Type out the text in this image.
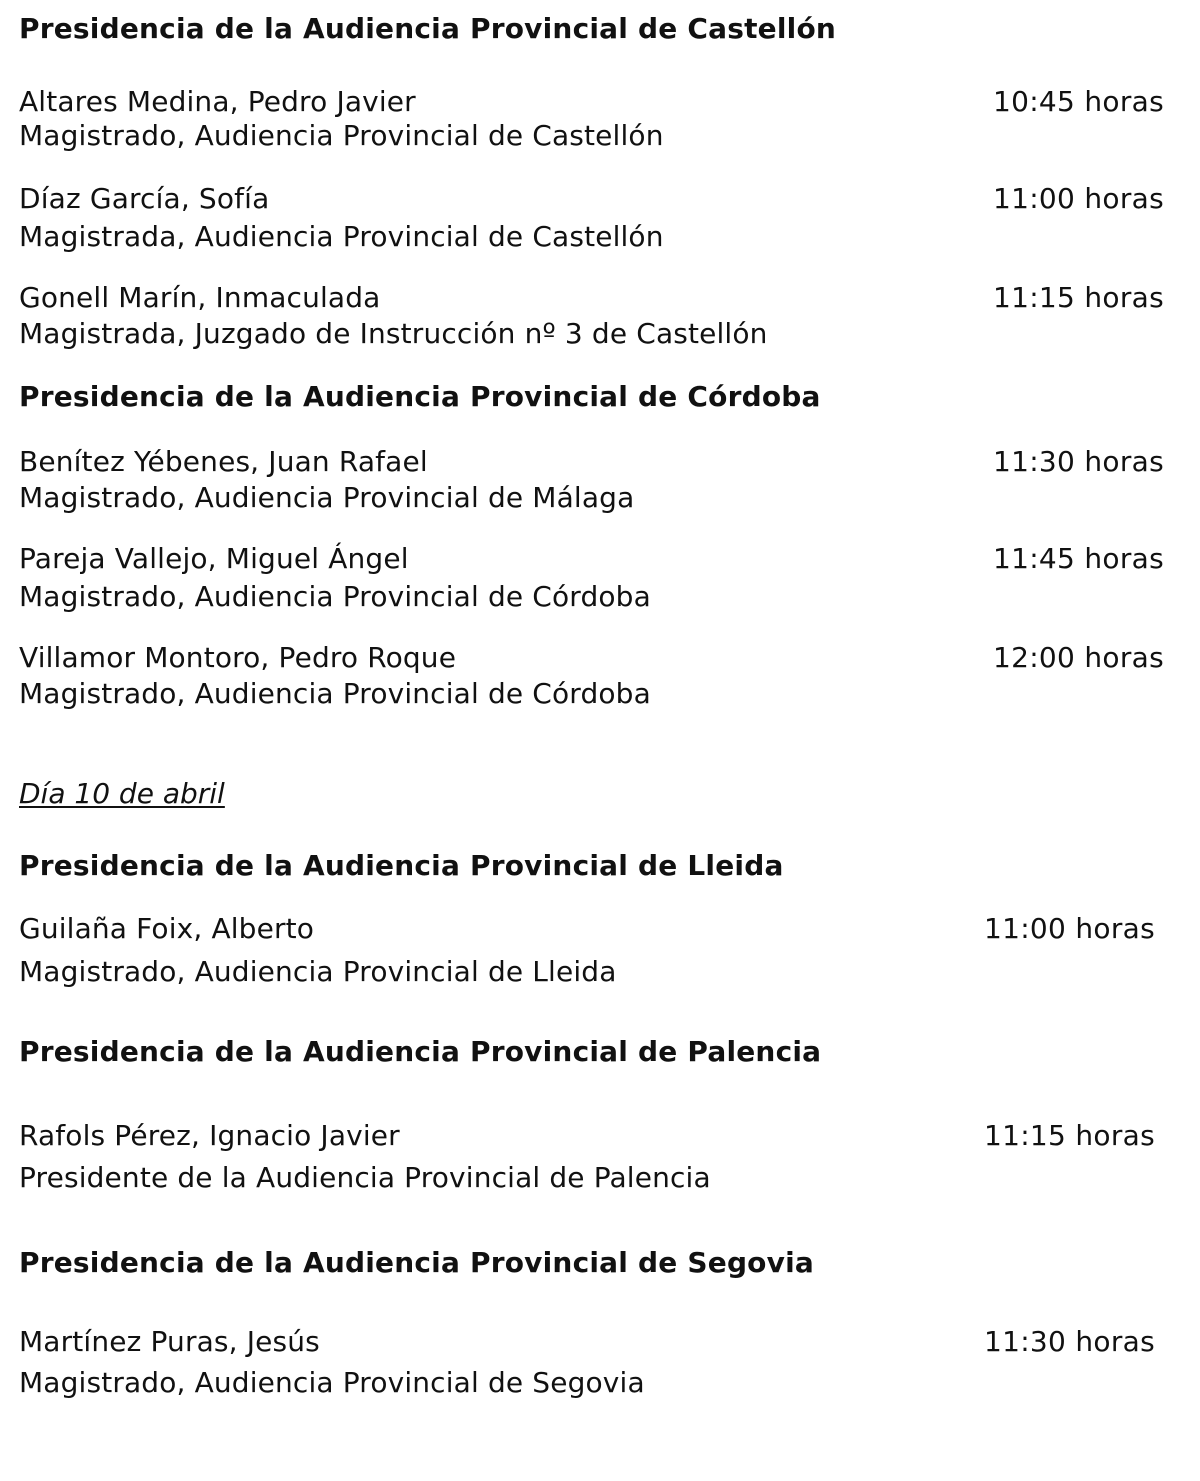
Presidencia de la Audiencia Provincial de Castellón
Altares Medina, Pedro Javier	10:45 horas
Magistrado, Audiencia Provincial de Castellón
Díaz García, Sofía	11:00 horas
Magistrada, Audiencia Provincial de Castellón
Gonell Marín, Inmaculada	11:15 horas
Magistrada, Juzgado de Instrucción nº 3 de Castellón
Presidencia de la Audiencia Provincial de Córdoba
Benítez Yébenes, Juan Rafael	11:30 horas
Magistrado, Audiencia Provincial de Málaga
Pareja Vallejo, Miguel Ángel	11:45 horas
Magistrado, Audiencia Provincial de Córdoba
Villamor Montoro, Pedro Roque	12:00 horas
Magistrado, Audiencia Provincial de Córdoba
Día 10 de abril
Presidencia de la Audiencia Provincial de Lleida
Guilaña Foix, Alberto	11:00 horas
Magistrado, Audiencia Provincial de Lleida
Presidencia de la Audiencia Provincial de Palencia
Rafols Pérez, Ignacio Javier	11:15 horas
Presidente de la Audiencia Provincial de Palencia
Presidencia de la Audiencia Provincial de Segovia
Martínez Puras, Jesús	11:30 horas
Magistrado, Audiencia Provincial de Segovia
